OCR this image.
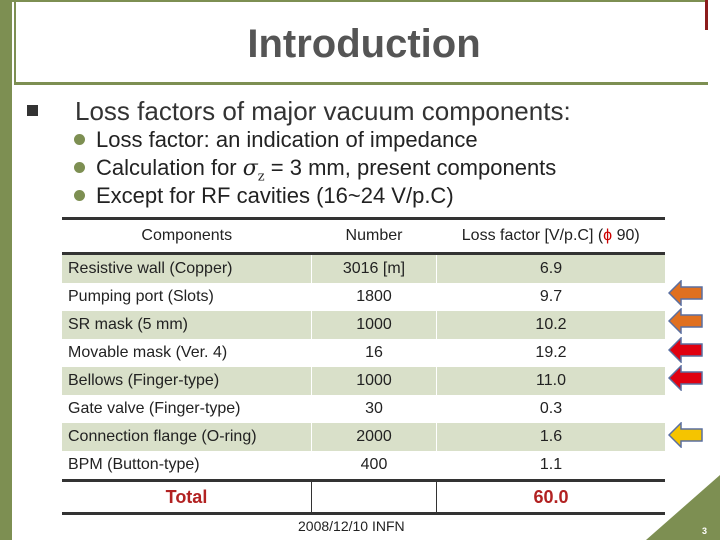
Introduction
Loss factors of major vacuum components:
Loss factor: an indication of impedance
Calculation for $\sigma_z = 3$ mm, present components
Except for RF cavities (16~24 V/p.C)
Components	Number	Loss factor [V/p.C] (ϕ 90)
Resistive wall (Copper)	3016 [m]	6.9
Pumping port (Slots)	1800	9.7
SR mask (5 mm)	1000	10.2
Movable mask (Ver. 4)	16	19.2
Bellows (Finger-type)	1000	11.0
Gate valve (Finger-type)	30	0.3
Connection flange (O-ring)	2000	1.6
BPM (Button-type)	400	1.1
Total		60.0
2008/12/10 INFN	3
